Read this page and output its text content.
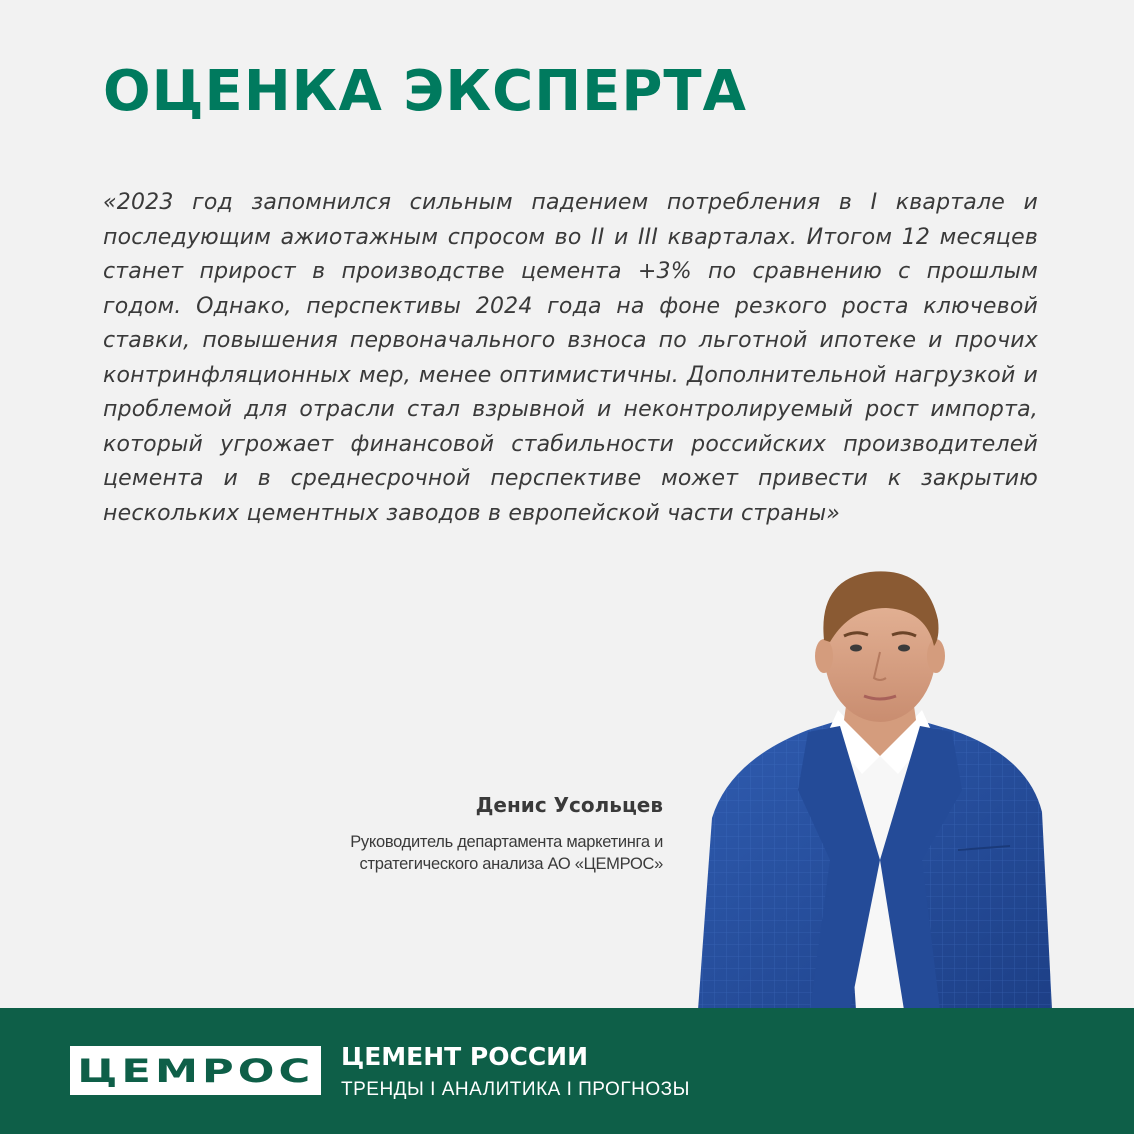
ОЦЕНКА ЭКСПЕРТА

«2023 год запомнился сильным падением потребления в I квартале и последующим ажиотажным спросом во II и III кварталах. Итогом 12 месяцев станет прирост в производстве цемента +3% по сравнению с прошлым годом. Однако, перспективы 2024 года на фоне резкого роста ключевой ставки, повышения первоначального взноса по льготной ипотеке и прочих контринфляционных мер, менее оптимистичны. Дополнительной нагрузкой и проблемой для отрасли стал взрывной и неконтролируемый рост импорта, который угрожает финансовой стабильности российских производителей цемента и в среднесрочной перспективе может привести к закрытию нескольких цементных заводов в европейской части страны»

Денис Усольцев

Руководитель департамента маркетинга и

стратегического анализа АО «ЦЕМРОС»

ЦЕМРОС ЦЕМЕНТ РОССИИ

ТРЕНДЫ I АНАЛИТИКА I ПРОГНОЗЫ
